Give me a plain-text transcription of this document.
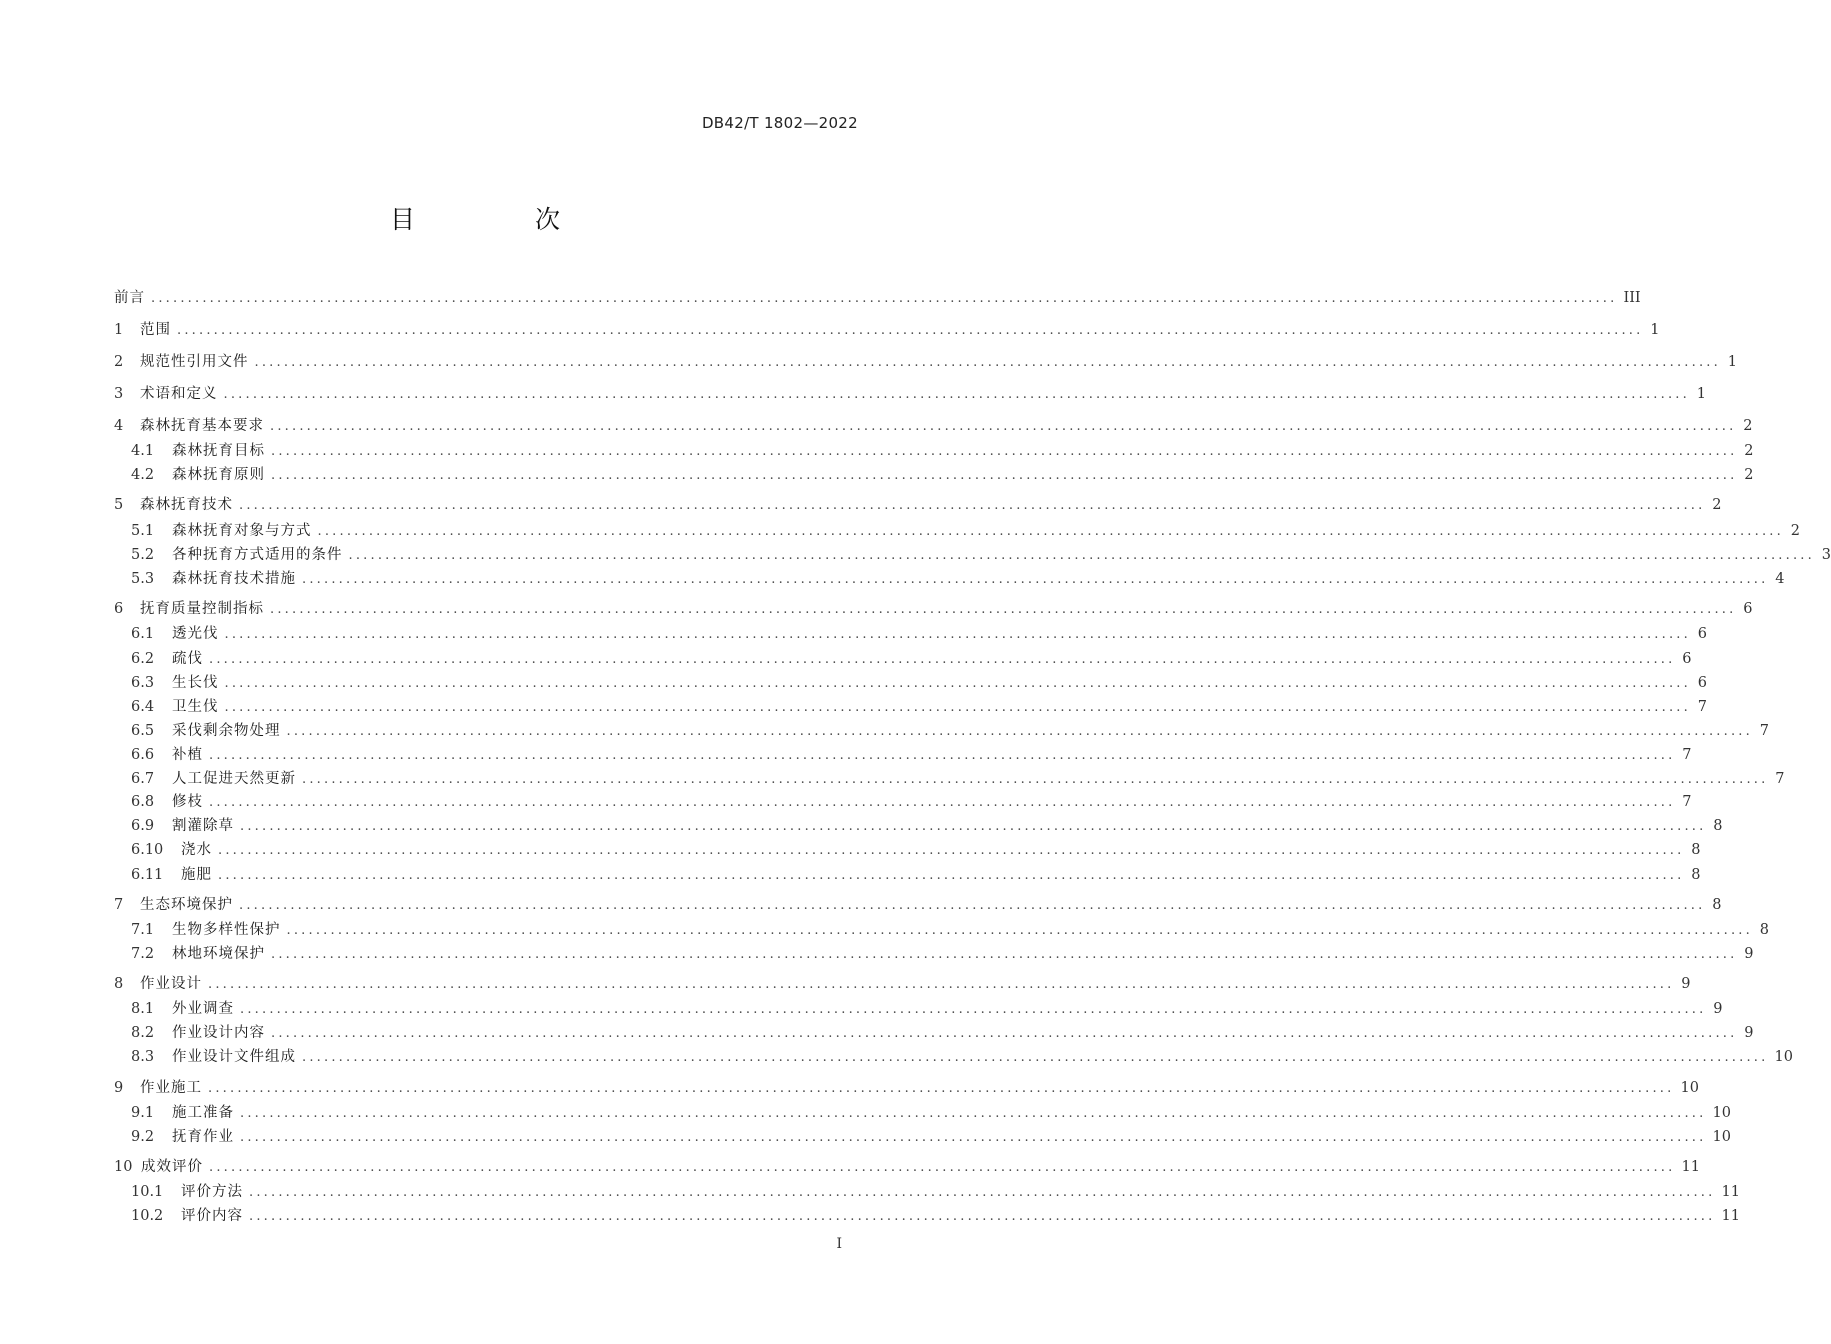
DB42/T 1802—2022
目 次
前言 ........................................................................................................................................................................................................ III
1	范围 ........................................................................................................................................................................................................ 1
2	规范性引用文件 ........................................................................................................................................................................................................ 1
3	术语和定义 ........................................................................................................................................................................................................ 1
4	森林抚育基本要求 ........................................................................................................................................................................................................ 2
4.1	森林抚育目标 ........................................................................................................................................................................................................ 2
4.2	森林抚育原则 ........................................................................................................................................................................................................ 2
5	森林抚育技术 ........................................................................................................................................................................................................ 2
5.1	森林抚育对象与方式 ........................................................................................................................................................................................................ 2
5.2	各种抚育方式适用的条件 ........................................................................................................................................................................................................ 3
5.3	森林抚育技术措施 ........................................................................................................................................................................................................ 4
6	抚育质量控制指标 ........................................................................................................................................................................................................ 6
6.1	透光伐 ........................................................................................................................................................................................................ 6
6.2	疏伐 ........................................................................................................................................................................................................ 6
6.3	生长伐 ........................................................................................................................................................................................................ 6
6.4	卫生伐 ........................................................................................................................................................................................................ 7
6.5	采伐剩余物处理 ........................................................................................................................................................................................................ 7
6.6	补植 ........................................................................................................................................................................................................ 7
6.7	人工促进天然更新 ........................................................................................................................................................................................................ 7
6.8	修枝 ........................................................................................................................................................................................................ 7
6.9	割灌除草 ........................................................................................................................................................................................................ 8
6.10	浇水 ........................................................................................................................................................................................................ 8
6.11	施肥 ........................................................................................................................................................................................................ 8
7	生态环境保护 ........................................................................................................................................................................................................ 8
7.1	生物多样性保护 ........................................................................................................................................................................................................ 8
7.2	林地环境保护 ........................................................................................................................................................................................................ 9
8	作业设计 ........................................................................................................................................................................................................ 9
8.1	外业调查 ........................................................................................................................................................................................................ 9
8.2	作业设计内容 ........................................................................................................................................................................................................ 9
8.3	作业设计文件组成 ........................................................................................................................................................................................................ 10
9	作业施工 ........................................................................................................................................................................................................ 10
9.1	施工准备 ........................................................................................................................................................................................................ 10
9.2	抚育作业 ........................................................................................................................................................................................................ 10
10 成效评价 ........................................................................................................................................................................................................ 11
10.1	评价方法 ........................................................................................................................................................................................................ 11
10.2	评价内容 ........................................................................................................................................................................................................ 11
I
